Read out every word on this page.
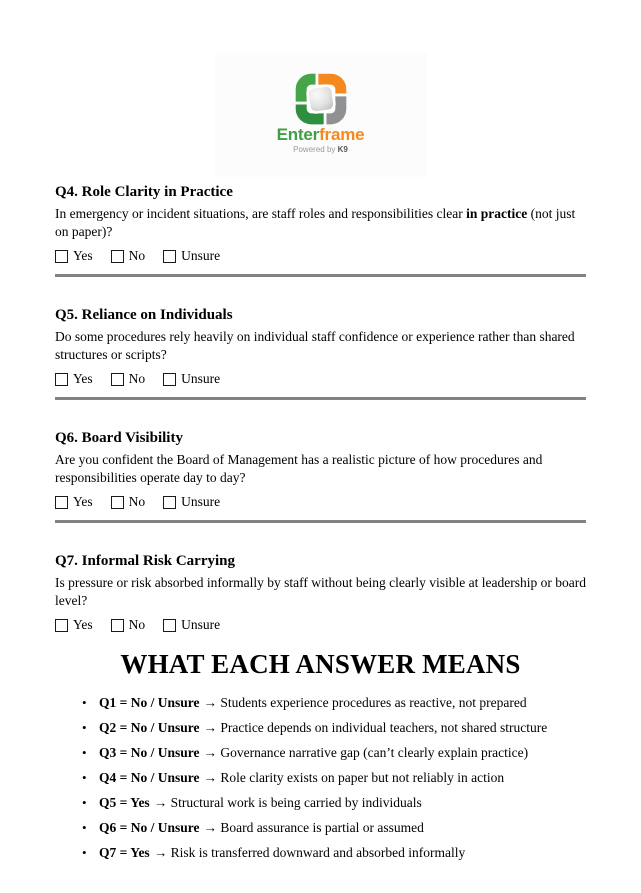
Enterframe
Powered by K9
Q4. Role Clarity in Practice

In emergency or incident situations, are staff roles and responsibilities clear in practice (not just on paper)?

Yes	No	Unsure
Q5. Reliance on Individuals

Do some procedures rely heavily on individual staff confidence or experience rather than shared structures or scripts?

Yes	No	Unsure
Q6. Board Visibility

Are you confident the Board of Management has a realistic picture of how procedures and responsibilities operate day to day?

Yes	No	Unsure
Q7. Informal Risk Carrying

Is pressure or risk absorbed informally by staff without being clearly visible at leadership or board level?

Yes	No	Unsure
WHAT EACH ANSWER MEANS
• Q1 = No / Unsure → Students experience procedures as reactive, not prepared
• Q2 = No / Unsure → Practice depends on individual teachers, not shared structure
• Q3 = No / Unsure → Governance narrative gap (can’t clearly explain practice)
• Q4 = No / Unsure → Role clarity exists on paper but not reliably in action
• Q5 = Yes → Structural work is being carried by individuals
• Q6 = No / Unsure → Board assurance is partial or assumed
• Q7 = Yes → Risk is transferred downward and absorbed informally
